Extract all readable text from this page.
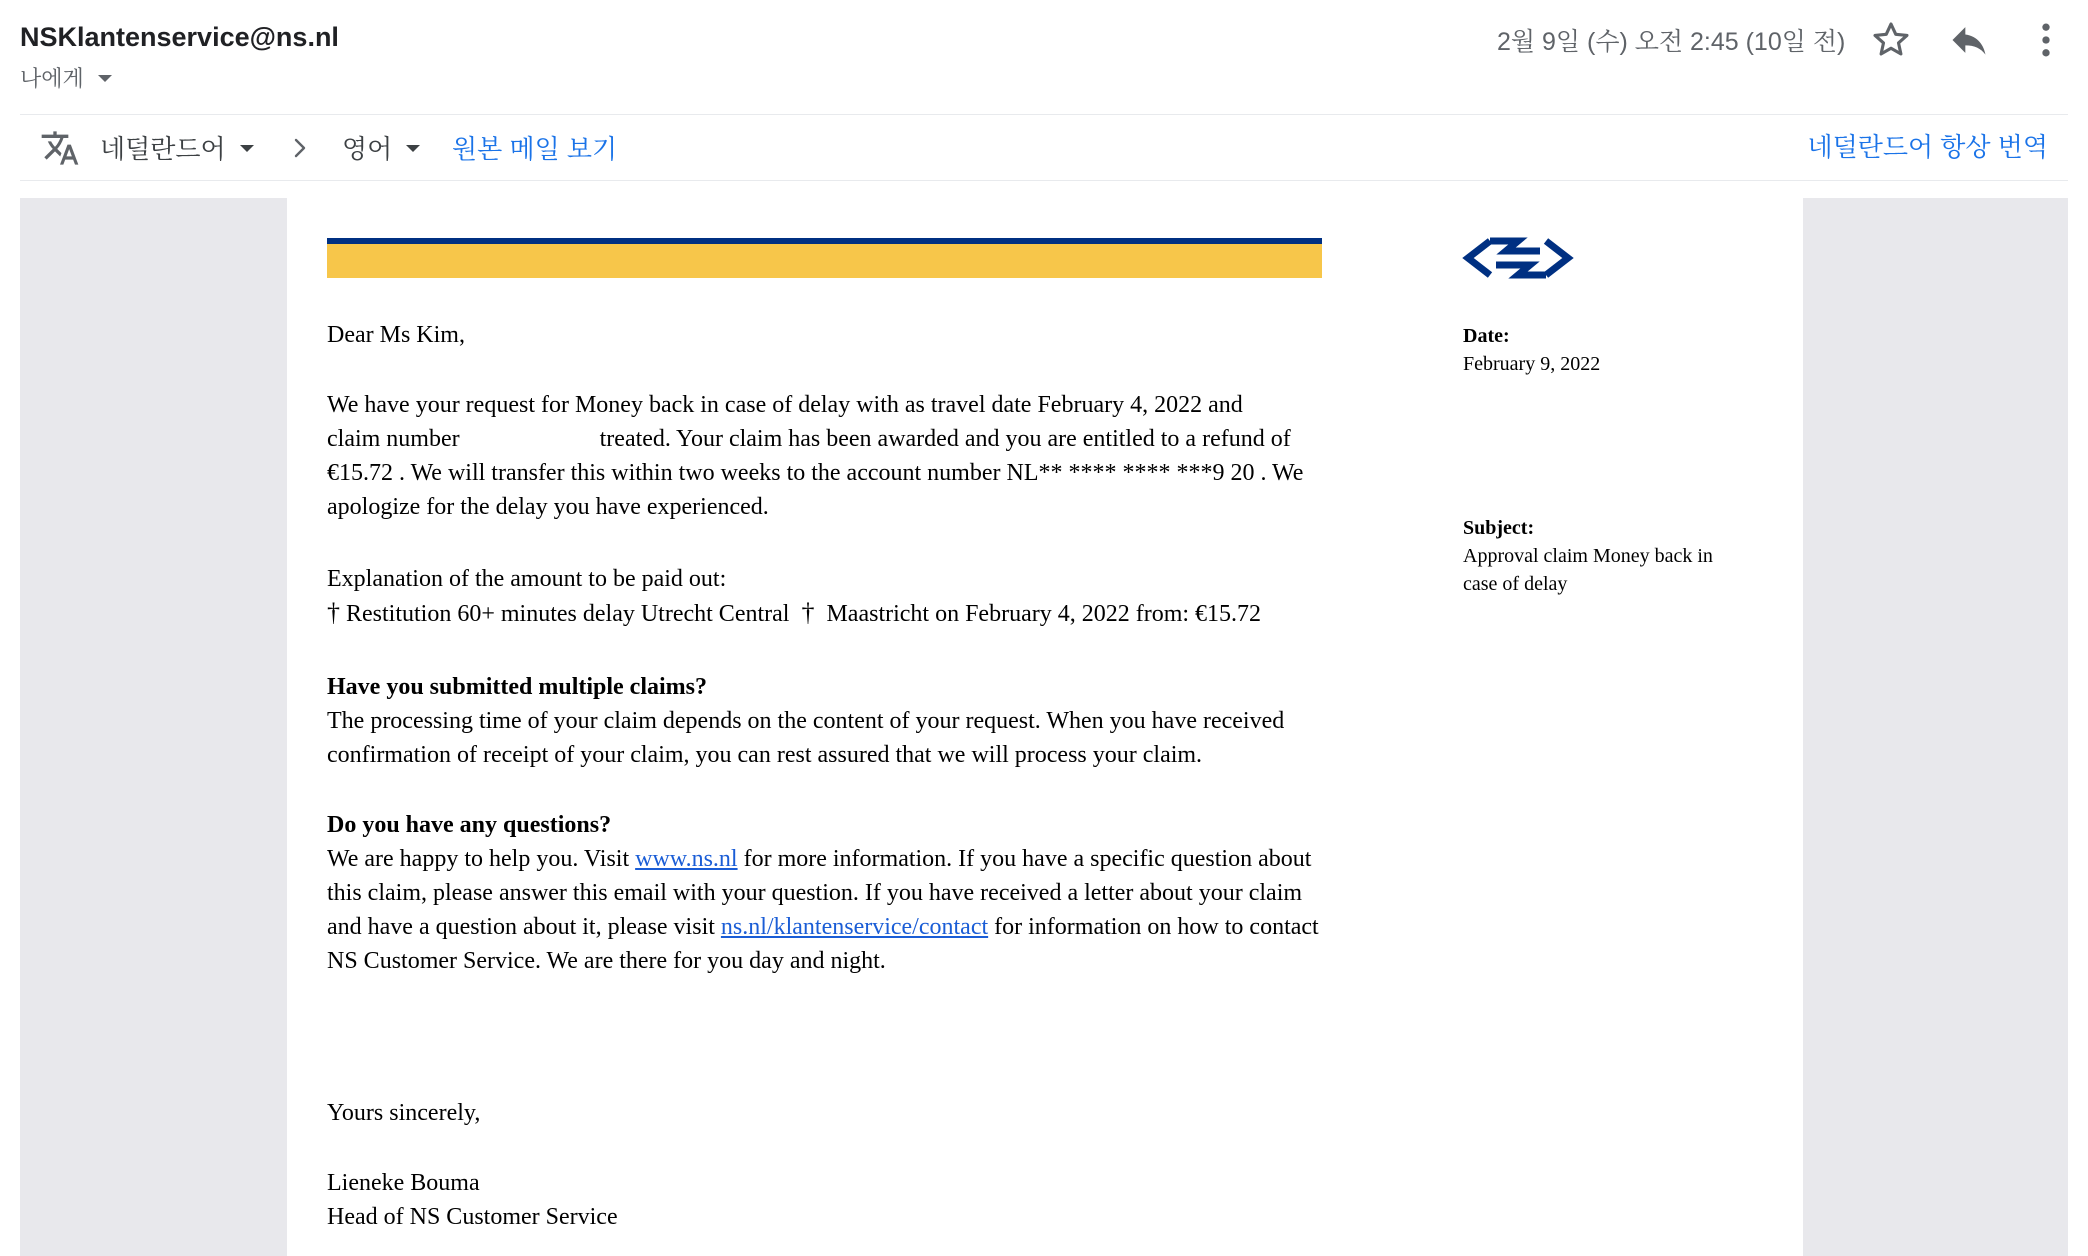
NSKlantenservice@ns.nl
나에게
2월 9일 (수) 오전 2:45 (10일 전)
네덜란드어	영어 원본 메일 보기	네덜란드어 항상 번역
Dear Ms Kim,

We have your request for Money back in case of delay with as travel date February 4, 2022 and

claim number	treated. Your claim has been awarded and you are entitled to a refund of

€15.72 . We will transfer this within two weeks to the account number NL** **** **** ***9 20 . We

apologize for the delay you have experienced.

Explanation of the amount to be paid out:

† Restitution 60+ minutes delay Utrecht Central † Maastricht on February 4, 2022 from: €15.72

Have you submitted multiple claims?

The processing time of your claim depends on the content of your request. When you have received

confirmation of receipt of your claim, you can rest assured that we will process your claim.

Do you have any questions?

We are happy to help you. Visit www.ns.nl for more information. If you have a specific question about

this claim, please answer this email with your question. If you have received a letter about your claim

and have a question about it, please visit ns.nl/klantenservice/contact for information on how to contact

NS Customer Service. We are there for you day and night.

Yours sincerely,

Lieneke Bouma

Head of NS Customer Service

Date:
February 9, 2022
Subject:
Approval claim Money back in
case of delay
